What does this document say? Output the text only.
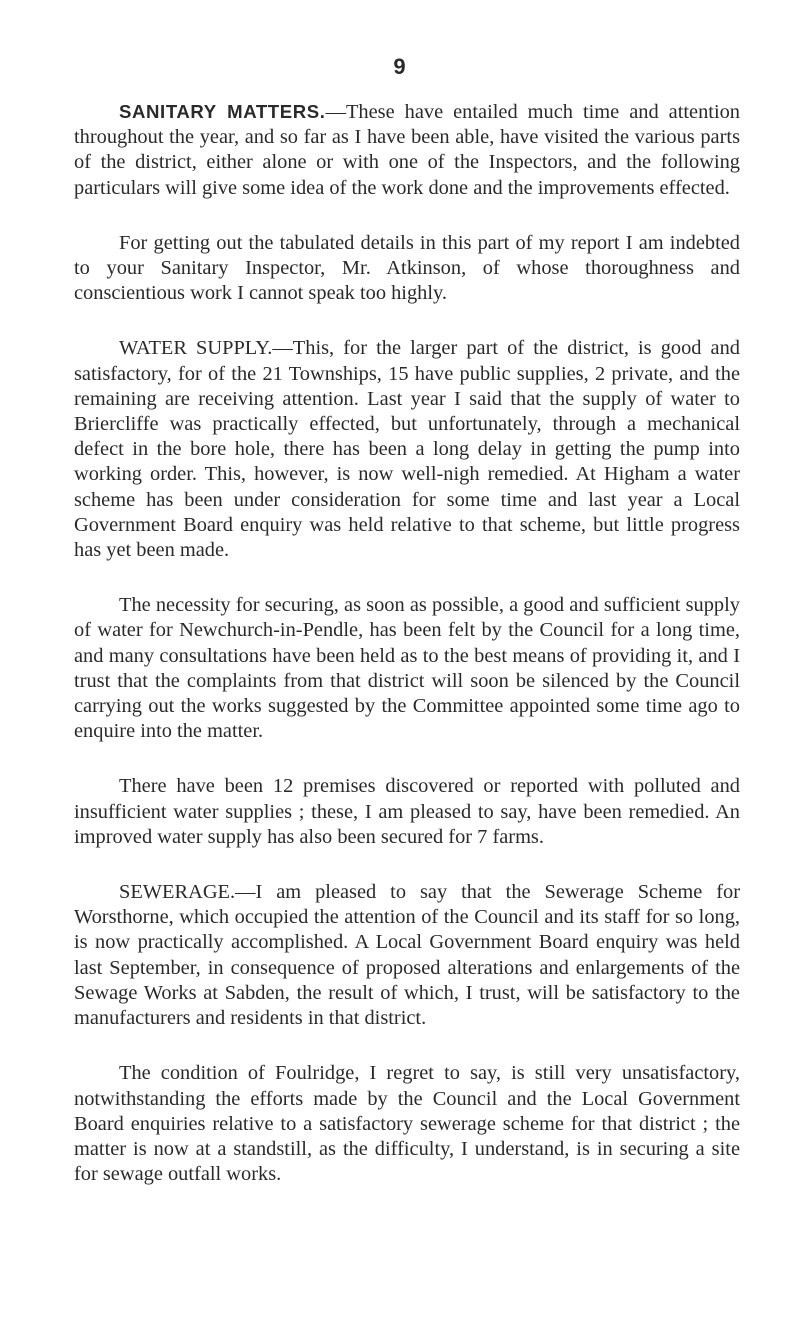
9

SANITARY MATTERS.—These have entailed much time and attention throughout the year, and so far as I have been able, have visited the various parts of the district, either alone or with one of the Inspectors, and the following particulars will give some idea of the work done and the improvements effected.

For getting out the tabulated details in this part of my report I am indebted to your Sanitary Inspector, Mr. Atkinson, of whose thoroughness and conscientious work I cannot speak too highly.

WATER SUPPLY.—This, for the larger part of the district, is good and satisfactory, for of the 21 Townships, 15 have public supplies, 2 private, and the remaining are receiving attention. Last year I said that the supply of water to Briercliffe was practically effected, but unfortunately, through a mechanical defect in the bore hole, there has been a long delay in getting the pump into working order. This, however, is now well-nigh remedied. At Higham a water scheme has been under consideration for some time and last year a Local Government Board enquiry was held relative to that scheme, but little progress has yet been made.

The necessity for securing, as soon as possible, a good and sufficient supply of water for Newchurch-in-Pendle, has been felt by the Council for a long time, and many consultations have been held as to the best means of providing it, and I trust that the complaints from that district will soon be silenced by the Council carrying out the works suggested by the Committee appointed some time ago to enquire into the matter.

There have been 12 premises discovered or reported with polluted and insufficient water supplies ; these, I am pleased to say, have been remedied. An improved water supply has also been secured for 7 farms.

SEWERAGE.—I am pleased to say that the Sewerage Scheme for Worsthorne, which occupied the attention of the Council and its staff for so long, is now practically accomplished. A Local Government Board enquiry was held last September, in consequence of proposed alterations and enlargements of the Sewage Works at Sabden, the result of which, I trust, will be satisfactory to the manufacturers and residents in that district.

The condition of Foulridge, I regret to say, is still very unsatisfactory, notwithstanding the efforts made by the Council and the Local Government Board enquiries relative to a satisfactory sewerage scheme for that district ; the matter is now at a standstill, as the difficulty, I understand, is in securing a site for sewage outfall works.
